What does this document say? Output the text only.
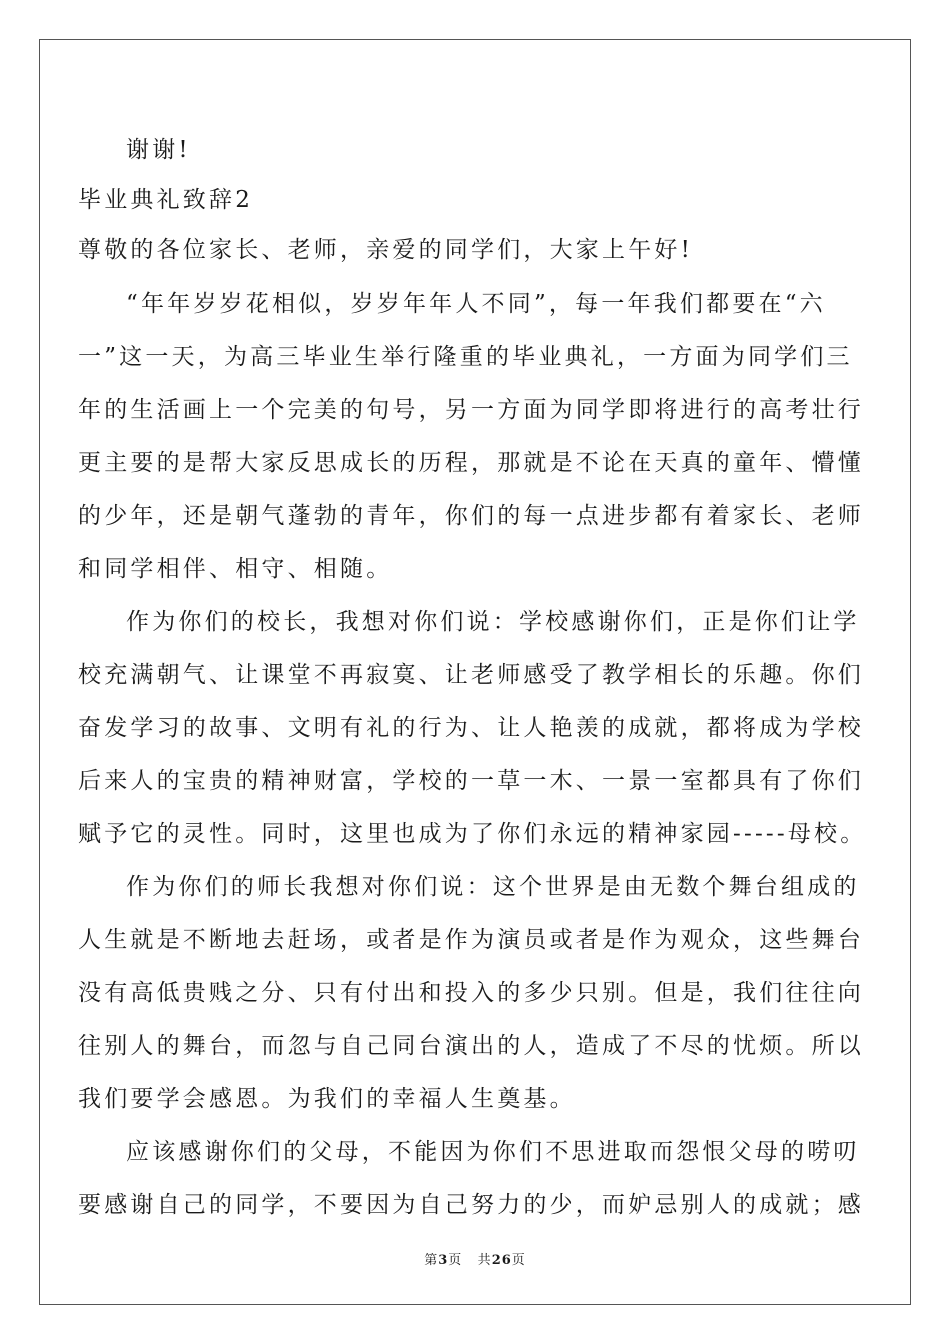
谢谢!
毕业典礼致辞2
尊敬的各位家长、老师，亲爱的同学们，大家上午好!
“年年岁岁花相似，岁岁年年人不同”，每一年我们都要在“六
一”这一天，为高三毕业生举行隆重的毕业典礼，一方面为同学们三
年的生活画上一个完美的句号，另一方面为同学即将进行的高考壮行
更主要的是帮大家反思成长的历程，那就是不论在天真的童年、懵懂
的少年，还是朝气蓬勃的青年，你们的每一点进步都有着家长、老师
和同学相伴、相守、相随。
作为你们的校长，我想对你们说：学校感谢你们，正是你们让学
校充满朝气、让课堂不再寂寞、让老师感受了教学相长的乐趣。你们
奋发学习的故事、文明有礼的行为、让人艳羡的成就，都将成为学校
后来人的宝贵的精神财富，学校的一草一木、一景一室都具有了你们
赋予它的灵性。同时，这里也成为了你们永远的精神家园-----母校。
作为你们的师长我想对你们说：这个世界是由无数个舞台组成的
人生就是不断地去赶场，或者是作为演员或者是作为观众，这些舞台
没有高低贵贱之分、只有付出和投入的多少只别。但是，我们往往向
往别人的舞台，而忽与自己同台演出的人，造成了不尽的忧烦。所以
我们要学会感恩。为我们的幸福人生奠基。
应该感谢你们的父母，不能因为你们不思进取而怨恨父母的唠叨
要感谢自己的同学，不要因为自己努力的少，而妒忌别人的成就；感
第3页 共26页
